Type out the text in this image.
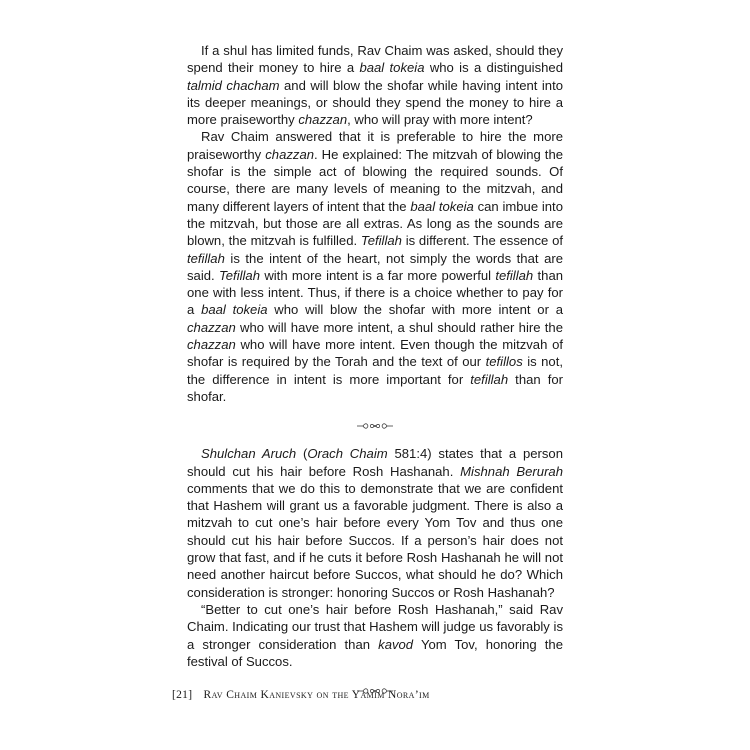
If a shul has limited funds, Rav Chaim was asked, should they spend their money to hire a baal tokeia who is a distinguished talmid chacham and will blow the shofar while having intent into its deeper meanings, or should they spend the money to hire a more praiseworthy chazzan, who will pray with more intent?

Rav Chaim answered that it is preferable to hire the more praiseworthy chazzan. He explained: The mitzvah of blowing the shofar is the simple act of blowing the required sounds. Of course, there are many levels of meaning to the mitzvah, and many different layers of intent that the baal tokeia can imbue into the mitzvah, but those are all extras. As long as the sounds are blown, the mitzvah is fulfilled. Tefillah is different. The essence of tefillah is the intent of the heart, not simply the words that are said. Tefillah with more intent is a far more powerful tefillah than one with less intent. Thus, if there is a choice whether to pay for a baal tokeia who will blow the shofar with more intent or a chazzan who will have more intent, a shul should rather hire the chazzan who will have more intent. Even though the mitzvah of shofar is required by the Torah and the text of our tefillos is not, the difference in intent is more important for tefillah than for shofar.

Shulchan Aruch (Orach Chaim 581:4) states that a person should cut his hair before Rosh Hashanah. Mishnah Berurah comments that we do this to demonstrate that we are confident that Hashem will grant us a favorable judgment. There is also a mitzvah to cut one’s hair before every Yom Tov and thus one should cut his hair before Succos. If a person’s hair does not grow that fast, and if he cuts it before Rosh Hashanah he will not need another haircut before Succos, what should he do? Which consideration is stronger: honoring Succos or Rosh Hashanah?

“Better to cut one’s hair before Rosh Hashanah,” said Rav Chaim. Indicating our trust that Hashem will judge us favorably is a stronger consideration than kavod Yom Tov, honoring the festival of Succos.

[21] Rav Chaim Kanievsky on the Yamim Nora’im
